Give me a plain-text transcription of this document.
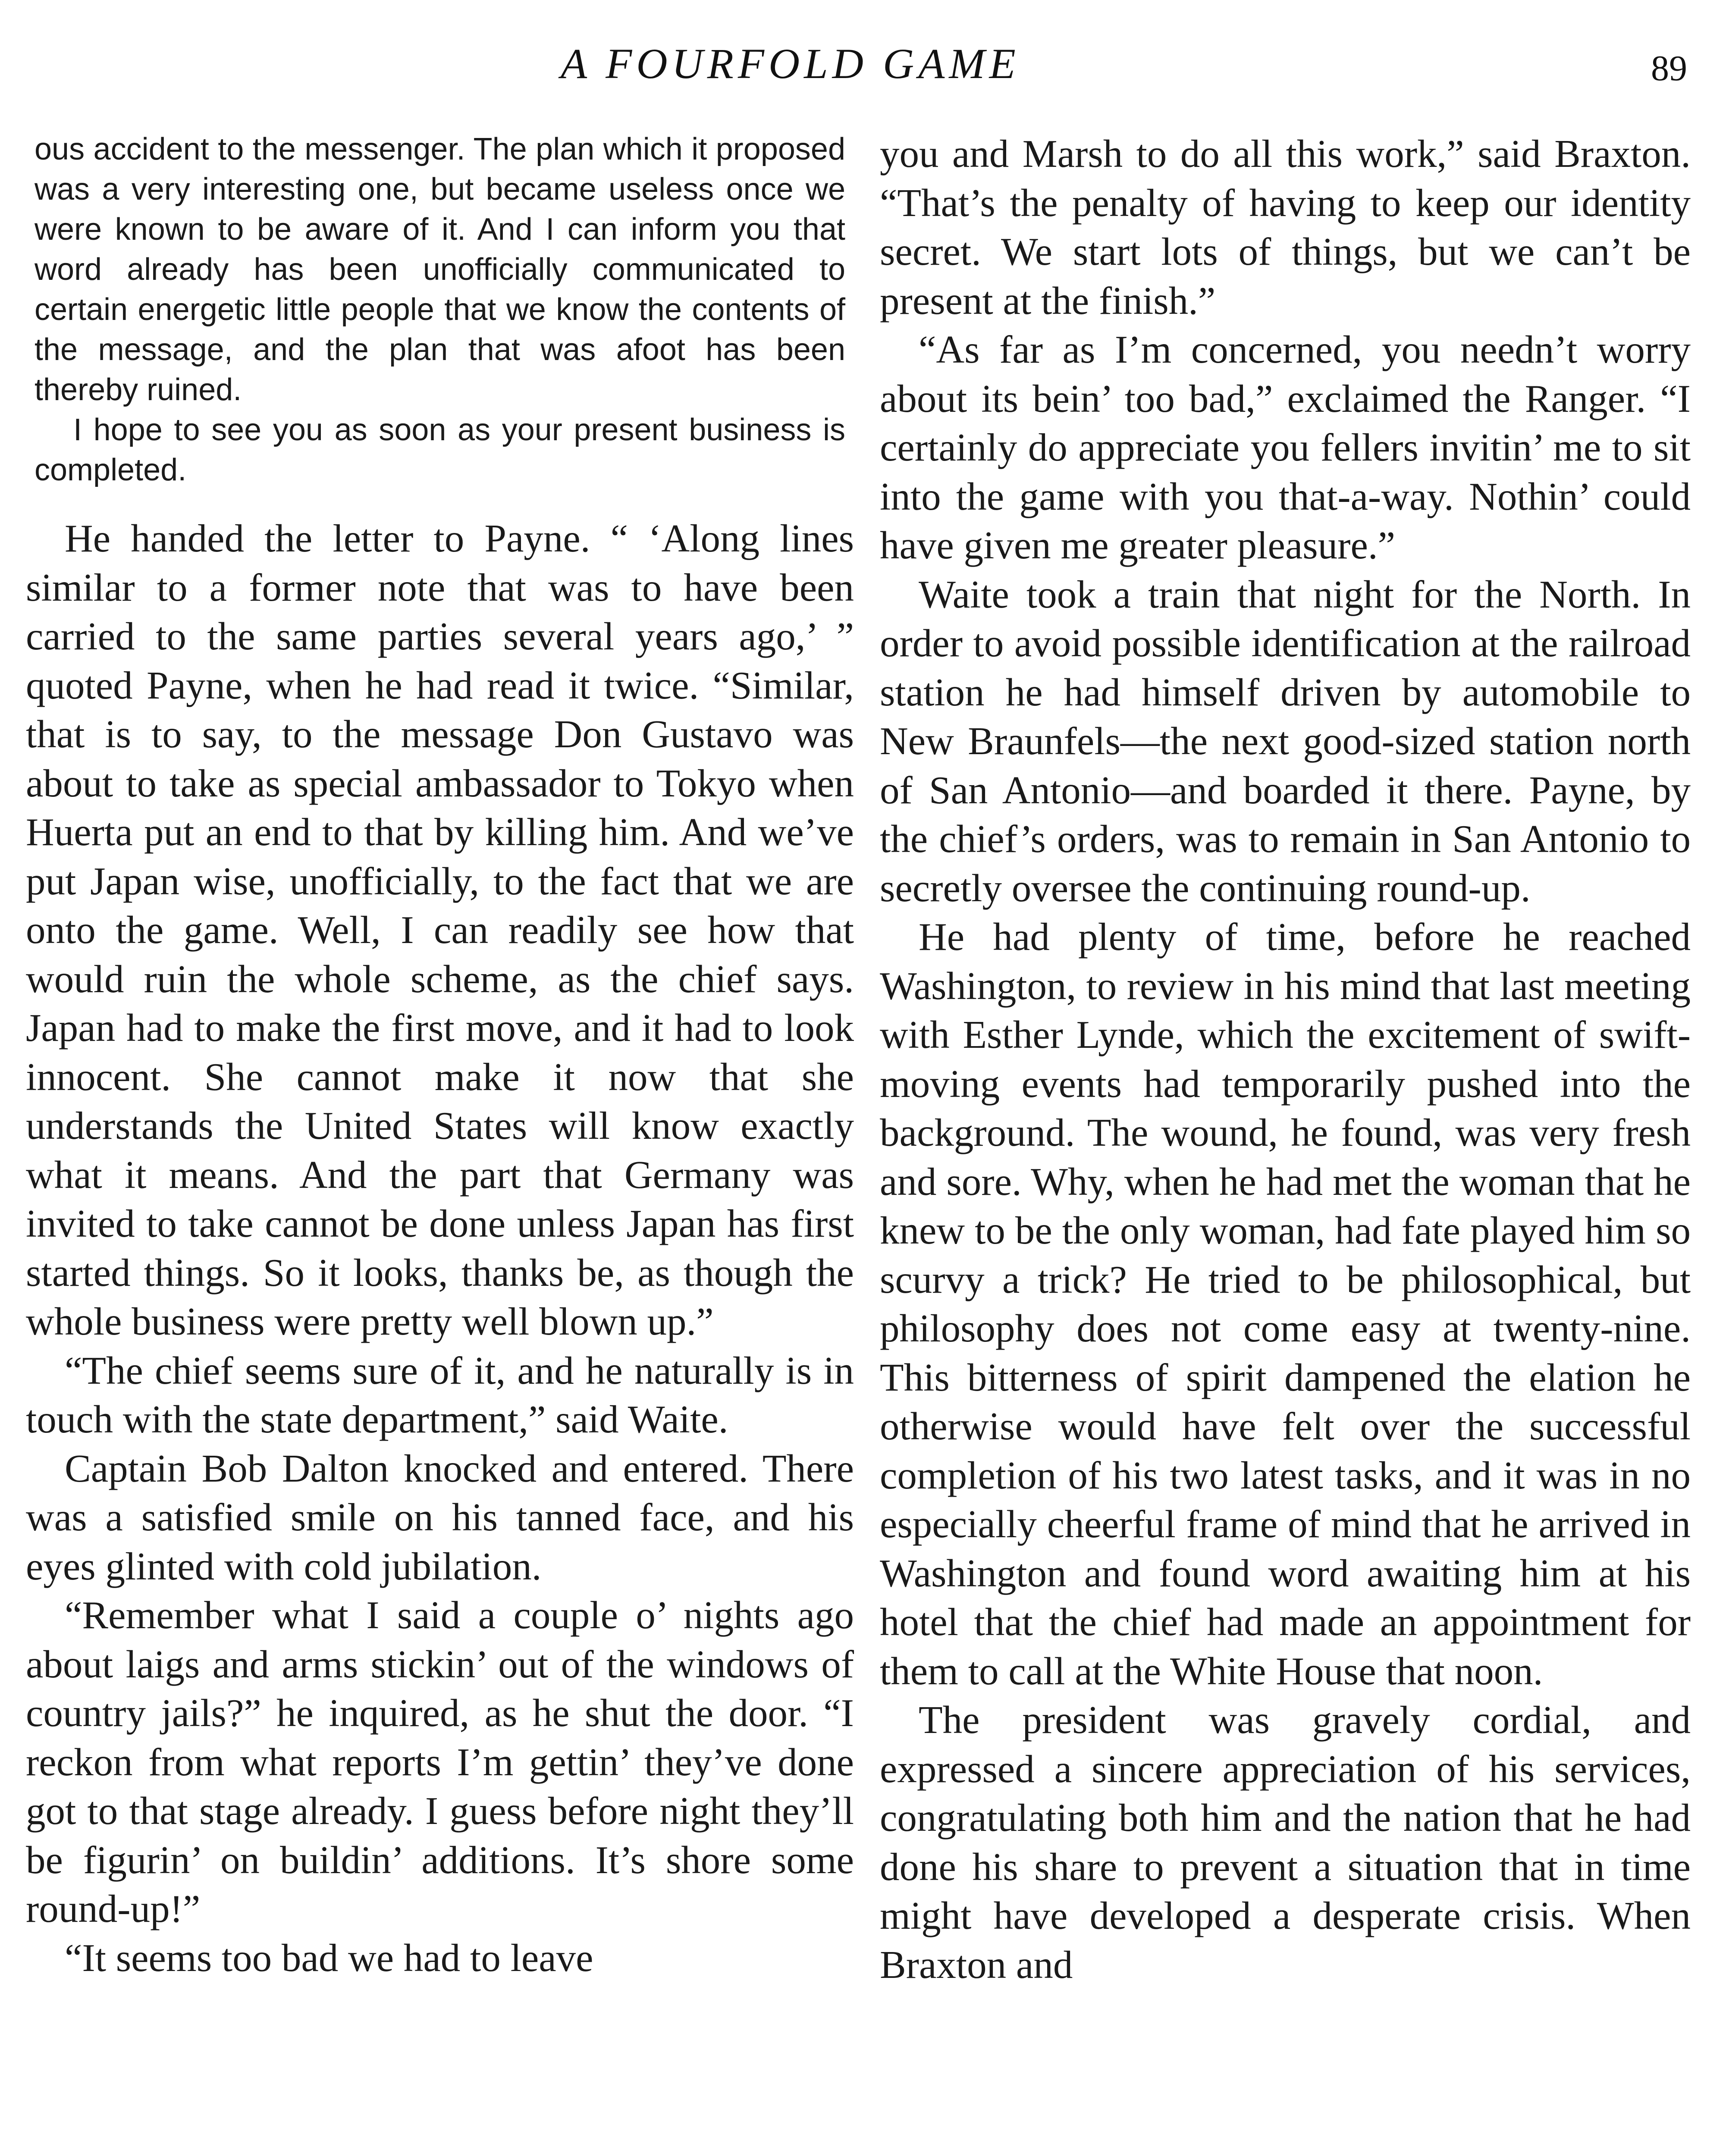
A FOURFOLD GAME	89

ous accident to the messenger. The plan which it proposed was a very interesting one, but became useless once we were known to be aware of it. And I can inform you that word already has been unofficially communicated to certain energetic little people that we know the contents of the message, and the plan that was afoot has been thereby ruined.

I hope to see you as soon as your present business is completed.

He handed the letter to Payne. “ ‘Along lines similar to a former note that was to have been carried to the same parties several years ago,’ ” quoted Payne, when he had read it twice. “Similar, that is to say, to the message Don Gustavo was about to take as special ambassador to Tokyo when Huerta put an end to that by killing him. And we’ve put Japan wise, unofficially, to the fact that we are onto the game. Well, I can readily see how that would ruin the whole scheme, as the chief says. Japan had to make the first move, and it had to look innocent. She cannot make it now that she understands the United States will know exactly what it means. And the part that Germany was invited to take cannot be done unless Japan has first started things. So it looks, thanks be, as though the whole business were pretty well blown up.”

“The chief seems sure of it, and he naturally is in touch with the state department,” said Waite.

Captain Bob Dalton knocked and entered. There was a satisfied smile on his tanned face, and his eyes glinted with cold jubilation.

“Remember what I said a couple o’ nights ago about laigs and arms stickin’ out of the windows of country jails?” he inquired, as he shut the door. “I reckon from what reports I’m gettin’ they’ve done got to that stage already. I guess before night they’ll be figurin’ on buildin’ additions. It’s shore some round-up!”

“It seems too bad we had to leave

you and Marsh to do all this work,” said Braxton. “That’s the penalty of having to keep our identity secret. We start lots of things, but we can’t be present at the finish.”

“As far as I’m concerned, you needn’t worry about its bein’ too bad,” exclaimed the Ranger. “I certainly do appreciate you fellers invitin’ me to sit into the game with you that-a-way. Nothin’ could have given me greater pleasure.”

Waite took a train that night for the North. In order to avoid possible identification at the railroad station he had himself driven by automobile to New Braunfels—the next good-sized station north of San Antonio—and boarded it there. Payne, by the chief’s orders, was to remain in San Antonio to secretly oversee the continuing round-up.

He had plenty of time, before he reached Washington, to review in his mind that last meeting with Esther Lynde, which the excitement of swift-moving events had temporarily pushed into the background. The wound, he found, was very fresh and sore. Why, when he had met the woman that he knew to be the only woman, had fate played him so scurvy a trick? He tried to be philosophical, but philosophy does not come easy at twenty-nine. This bitterness of spirit dampened the elation he otherwise would have felt over the successful completion of his two latest tasks, and it was in no especially cheerful frame of mind that he arrived in Washington and found word awaiting him at his hotel that the chief had made an appointment for them to call at the White House that noon.

The president was gravely cordial, and expressed a sincere appreciation of his services, congratulating both him and the nation that he had done his share to prevent a situation that in time might have developed a desperate crisis. When Braxton and
